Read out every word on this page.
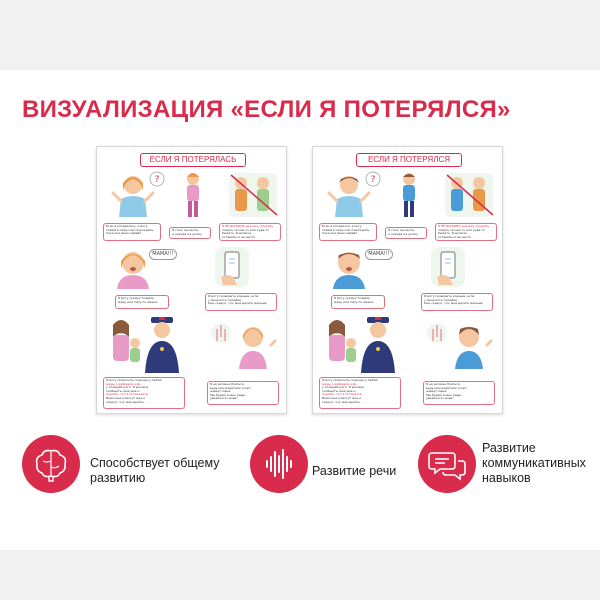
ВИЗУАЛИЗАЦИЯ «ЕСЛИ Я ПОТЕРЯЛСЯ»
ЕСЛИ Я ПОТЕРЯЛАСЬ
?
Если я потерялась, я могу
позвать маму или подождать,
пока она меня найдёт.
Я стою на месте
и никуда не ухожу.
Я НЕ ДОЛЖНА кричать, плакать,
ходить за кем-то или куда-то
бежать. Я должна
оставаться на месте.
МАМА!!!
Я могу громко позвать
маму или папу по имени.
Я могу позвонить родным, если
у меня есть телефон.
Они скажут, что мне делать дальше.
Я могу попросить помощи у любой
мамы с ребёнком или
у полицейского. Я должна
сообщить свое имя и
сказать, что я потерялась.
Взрослые помогут мне и
скажут, что мне делать.
Я не должна бояться,
ведь мои родители скоро
найдут меня.
Мы будем очень рады
увидеться снова!
ЕСЛИ Я ПОТЕРЯЛСЯ
?
Если я потерялся, я могу
позвать маму или подождать,
пока она меня найдёт.
Я стою на месте
и никуда не ухожу.
Я НЕ ДОЛЖЕН кричать, плакать,
ходить за кем-то или куда-то
бежать. Я должен
оставаться на месте.
МАМА!!!
Я могу громко позвать
маму или папу по имени.
Я могу позвонить родным, если
у меня есть телефон.
Они скажут, что мне делать дальше.
Я могу попросить помощи у любой
мамы с ребёнком или
у полицейского. Я должен
сообщить свое имя и
сказать, что я потерялся.
Взрослые помогут мне и
скажут, что мне делать.
Я не должен бояться,
ведь мои родители скоро
найдут меня.
Мы будем очень рады
увидеться снова!
Способствует общему
развитию	Развитие речи
Развитие
коммуникативных
навыков
